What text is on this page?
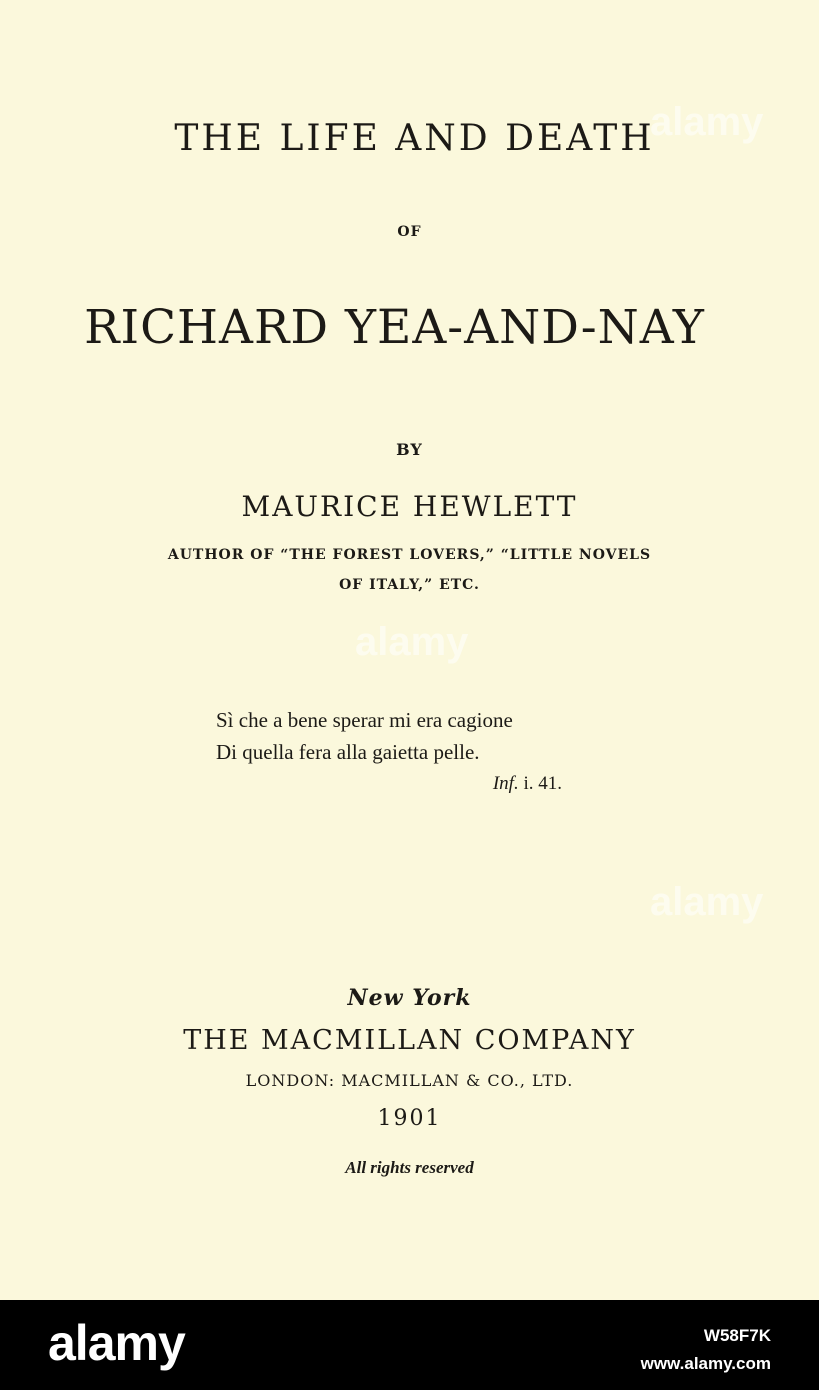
THE LIFE AND DEATH
OF
RICHARD YEA-AND-NAY
BY
MAURICE HEWLETT
AUTHOR OF “THE FOREST LOVERS,” “LITTLE NOVELS
OF ITALY,” ETC.
Sì che a bene sperar mi era cagione
Di quella fera alla gaietta pelle.
Inf. i. 41.
New York
THE MACMILLAN COMPANY
LONDON: MACMILLAN & CO., LTD.
1901
All rights reserved
alamy
alamy
alamy
alamy	W58F7K
www.alamy.com
